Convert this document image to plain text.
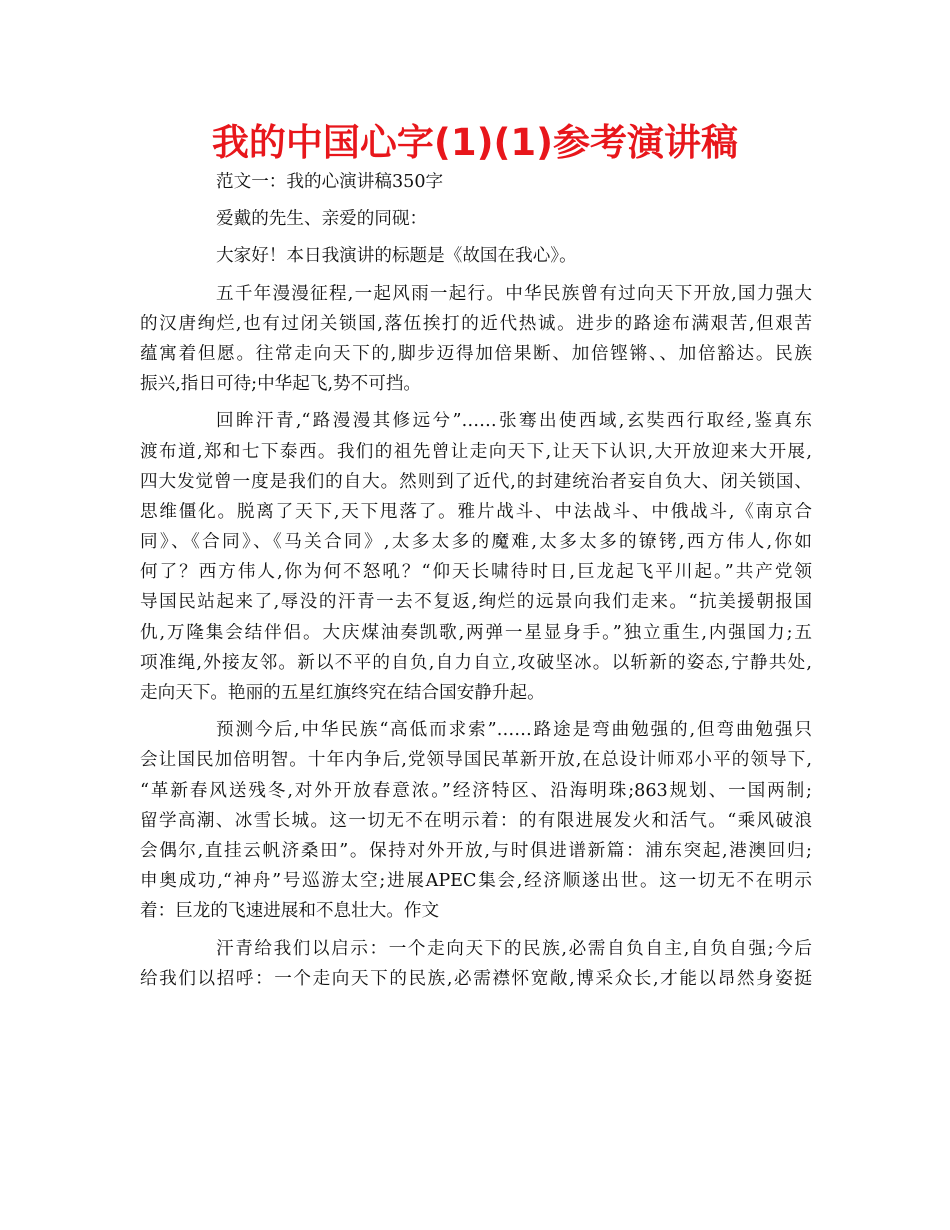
我的中国心字(1)(1)参考演讲稿
范文一：我的心演讲稿350字
爱戴的先生、亲爱的同砚：
大家好！本日我演讲的标题是《故国在我心》。
五千年漫漫征程,一起风雨一起行。中华民族曾有过向天下开放,国力强大
的汉唐绚烂,也有过闭关锁国,落伍挨打的近代热诚。进步的路途布满艰苦,但艰苦
蕴寓着但愿。往常走向天下的,脚步迈得加倍果断、加倍铿锵、、加倍豁达。民族
振兴,指日可待;中华起飞,势不可挡。
回眸汗青,“路漫漫其修远兮”……张骞出使西域,玄奘西行取经,鉴真东
渡布道,郑和七下泰西。我们的祖先曾让走向天下,让天下认识,大开放迎来大开展,
四大发觉曾一度是我们的自大。然则到了近代,的封建统治者妄自负大、闭关锁国、
思维僵化。脱离了天下,天下甩落了。雅片战斗、中法战斗、中俄战斗,《南京合
同》、《合同》、《马关合同》,太多太多的魔难,太多太多的镣铐,西方伟人,你如
何了？西方伟人,你为何不怒吼？“仰天长啸待时日,巨龙起飞平川起。”共产党领
导国民站起来了,辱没的汗青一去不复返,绚烂的远景向我们走来。“抗美援朝报国
仇,万隆集会结伴侣。大庆煤油奏凯歌,两弹一星显身手。”独立重生,内强国力;五
项准绳,外接友邻。新以不平的自负,自力自立,攻破坚冰。以斩新的姿态,宁静共处,
走向天下。艳丽的五星红旗终究在结合国安静升起。
预测今后,中华民族“高低而求索”……路途是弯曲勉强的,但弯曲勉强只
会让国民加倍明智。十年内争后,党领导国民革新开放,在总设计师邓小平的领导下,
“革新春风送残冬,对外开放春意浓。”经济特区、沿海明珠;863规划、一国两制;
留学高潮、冰雪长城。这一切无不在明示着：的有限进展发火和活气。“乘风破浪
会偶尔,直挂云帆济桑田”。保持对外开放,与时俱进谱新篇：浦东突起,港澳回归;
申奥成功,“神舟”号巡游太空;进展APEC集会,经济顺遂出世。这一切无不在明示
着：巨龙的飞速进展和不息壮大。作文
汗青给我们以启示：一个走向天下的民族,必需自负自主,自负自强;今后
给我们以招呼：一个走向天下的民族,必需襟怀宽敞,博采众长,才能以昂然身姿挺
